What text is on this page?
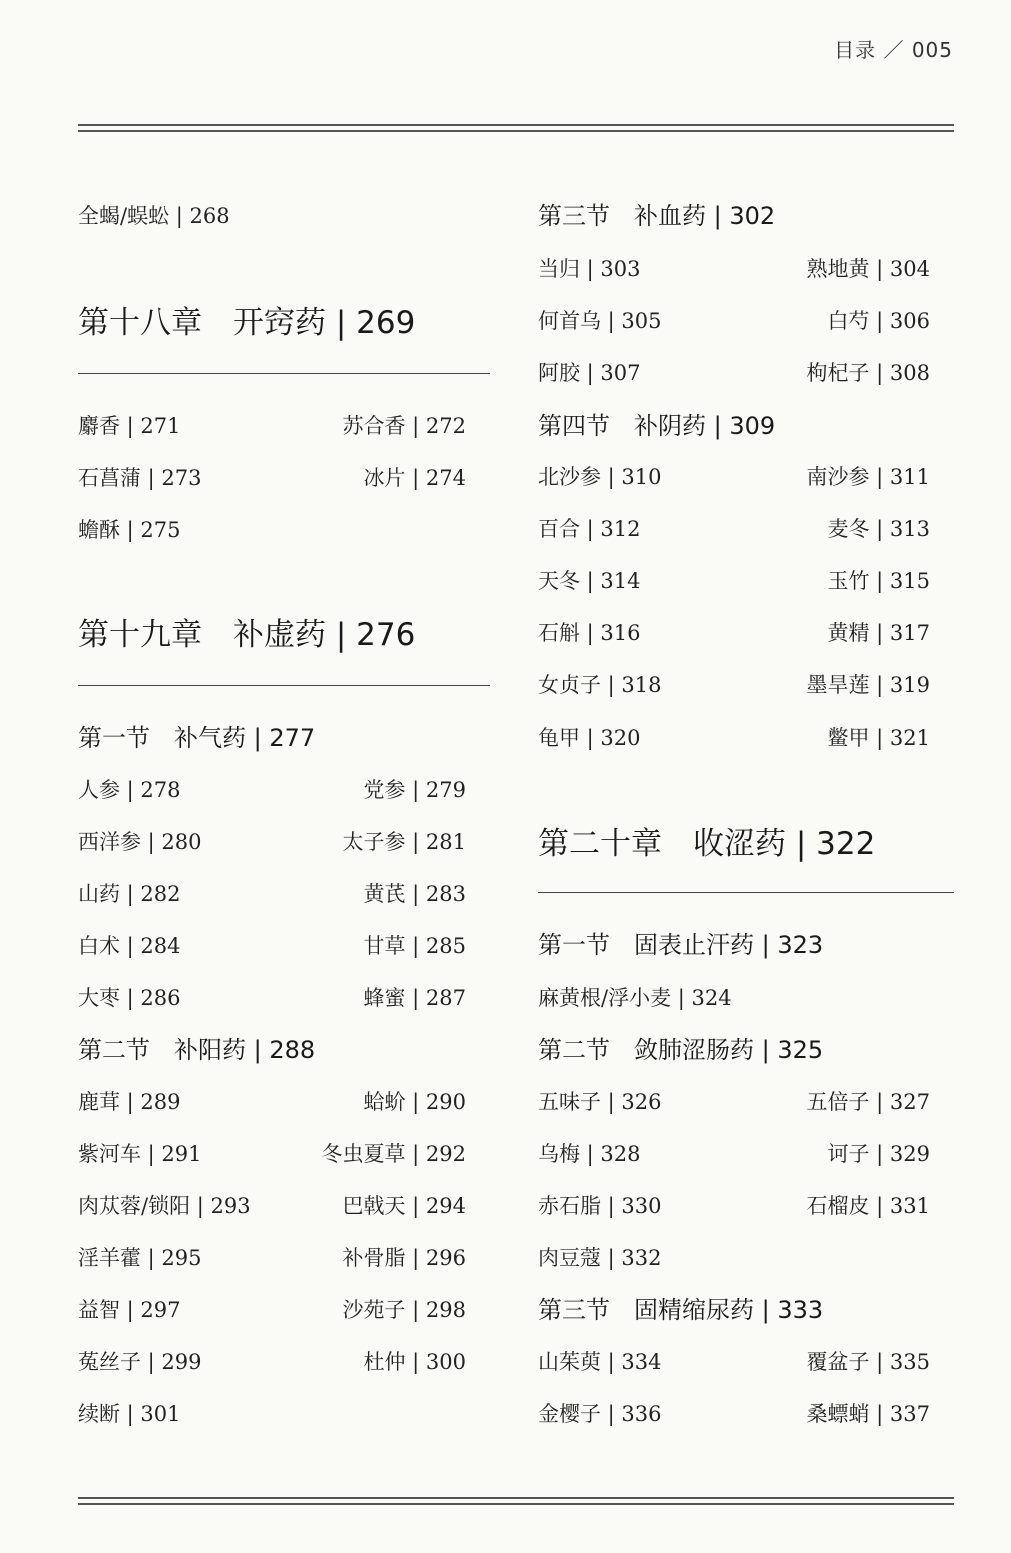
目录 ／ 005
全蝎/蜈蚣 | 268
第十八章　开窍药 | 269
麝香 | 271	苏合香 | 272
石菖蒲 | 273	冰片 | 274
蟾酥 | 275
第十九章　补虚药 | 276
第一节　补气药 | 277
人参 | 278	党参 | 279
西洋参 | 280	太子参 | 281
山药 | 282	黄芪 | 283
白术 | 284	甘草 | 285
大枣 | 286	蜂蜜 | 287
第二节　补阳药 | 288
鹿茸 | 289	蛤蚧 | 290
紫河车 | 291	冬虫夏草 | 292
肉苁蓉/锁阳 | 293	巴戟天 | 294
淫羊藿 | 295	补骨脂 | 296
益智 | 297	沙苑子 | 298
菟丝子 | 299	杜仲 | 300
续断 | 301
第三节　补血药 | 302
当归 | 303	熟地黄 | 304
何首乌 | 305	白芍 | 306
阿胶 | 307	枸杞子 | 308
第四节　补阴药 | 309
北沙参 | 310	南沙参 | 311
百合 | 312	麦冬 | 313
天冬 | 314	玉竹 | 315
石斛 | 316	黄精 | 317
女贞子 | 318	墨旱莲 | 319
龟甲 | 320	鳖甲 | 321
第二十章　收涩药 | 322
第一节　固表止汗药 | 323
麻黄根/浮小麦 | 324
第二节　敛肺涩肠药 | 325
五味子 | 326	五倍子 | 327
乌梅 | 328	诃子 | 329
赤石脂 | 330	石榴皮 | 331
肉豆蔻 | 332
第三节　固精缩尿药 | 333
山茱萸 | 334	覆盆子 | 335
金樱子 | 336	桑螵蛸 | 337
